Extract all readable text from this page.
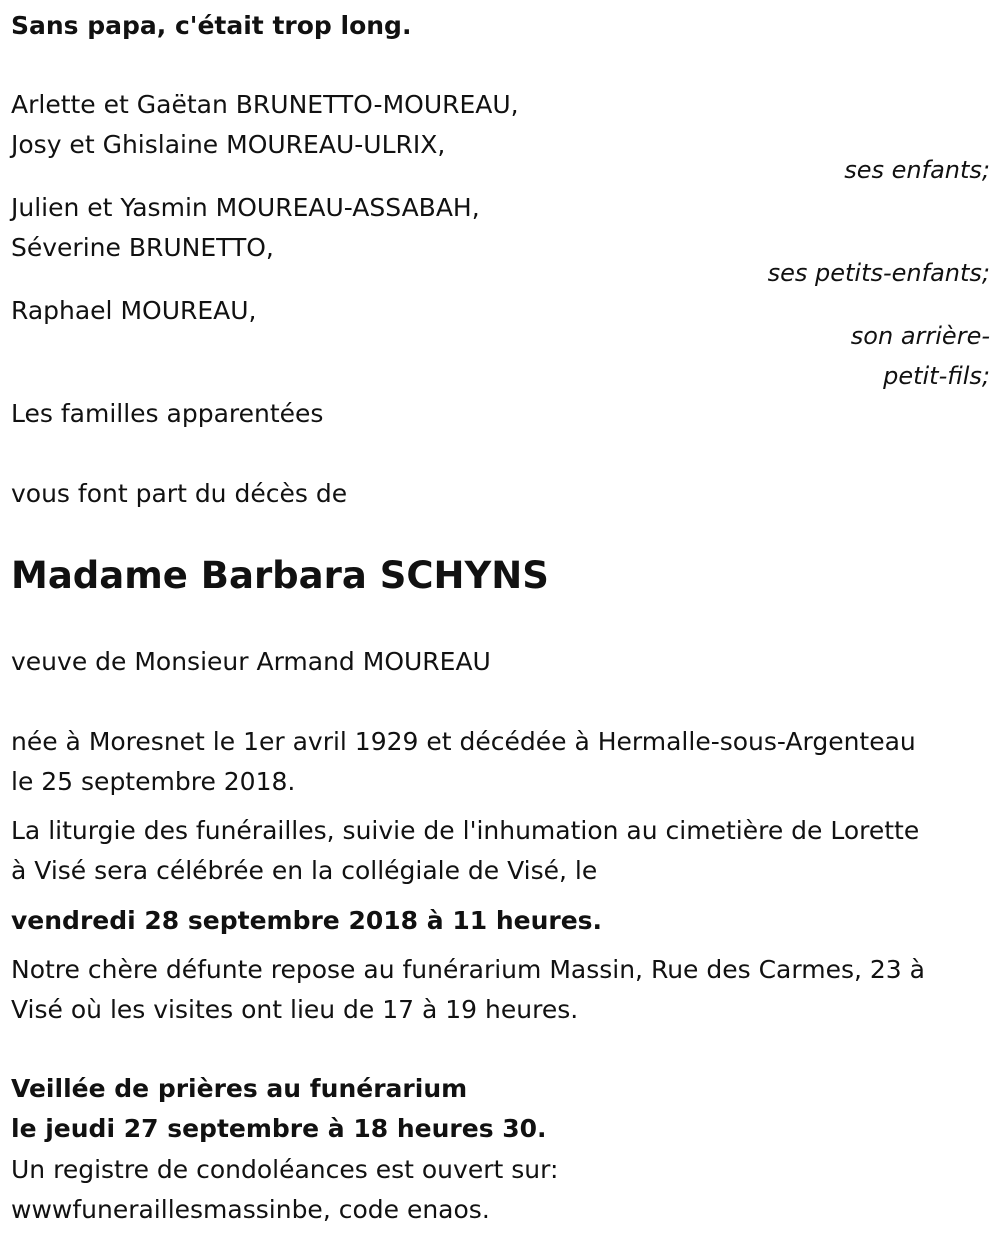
Sans papa, c'était trop long.
Arlette et Gaëtan BRUNETTO-MOUREAU,
Josy et Ghislaine MOUREAU-ULRIX,
ses enfants;
Julien et Yasmin MOUREAU-ASSABAH,
Séverine BRUNETTO,
ses petits-enfants;
Raphael MOUREAU,
son arrière-
petit-fils;
Les familles apparentées
vous font part du décès de
Madame Barbara SCHYNS
veuve de Monsieur Armand MOUREAU
née à Moresnet le 1er avril 1929 et décédée à Hermalle-sous-Argenteau
le 25 septembre 2018.
La liturgie des funérailles, suivie de l'inhumation au cimetière de Lorette
à Visé sera célébrée en la collégiale de Visé, le
vendredi 28 septembre 2018 à 11 heures.
Notre chère défunte repose au funérarium Massin, Rue des Carmes, 23 à
Visé où les visites ont lieu de 17 à 19 heures.
Veillée de prières au funérarium
le jeudi 27 septembre à 18 heures 30.
Un registre de condoléances est ouvert sur:
wwwfuneraillesmassinbe, code enaos.
